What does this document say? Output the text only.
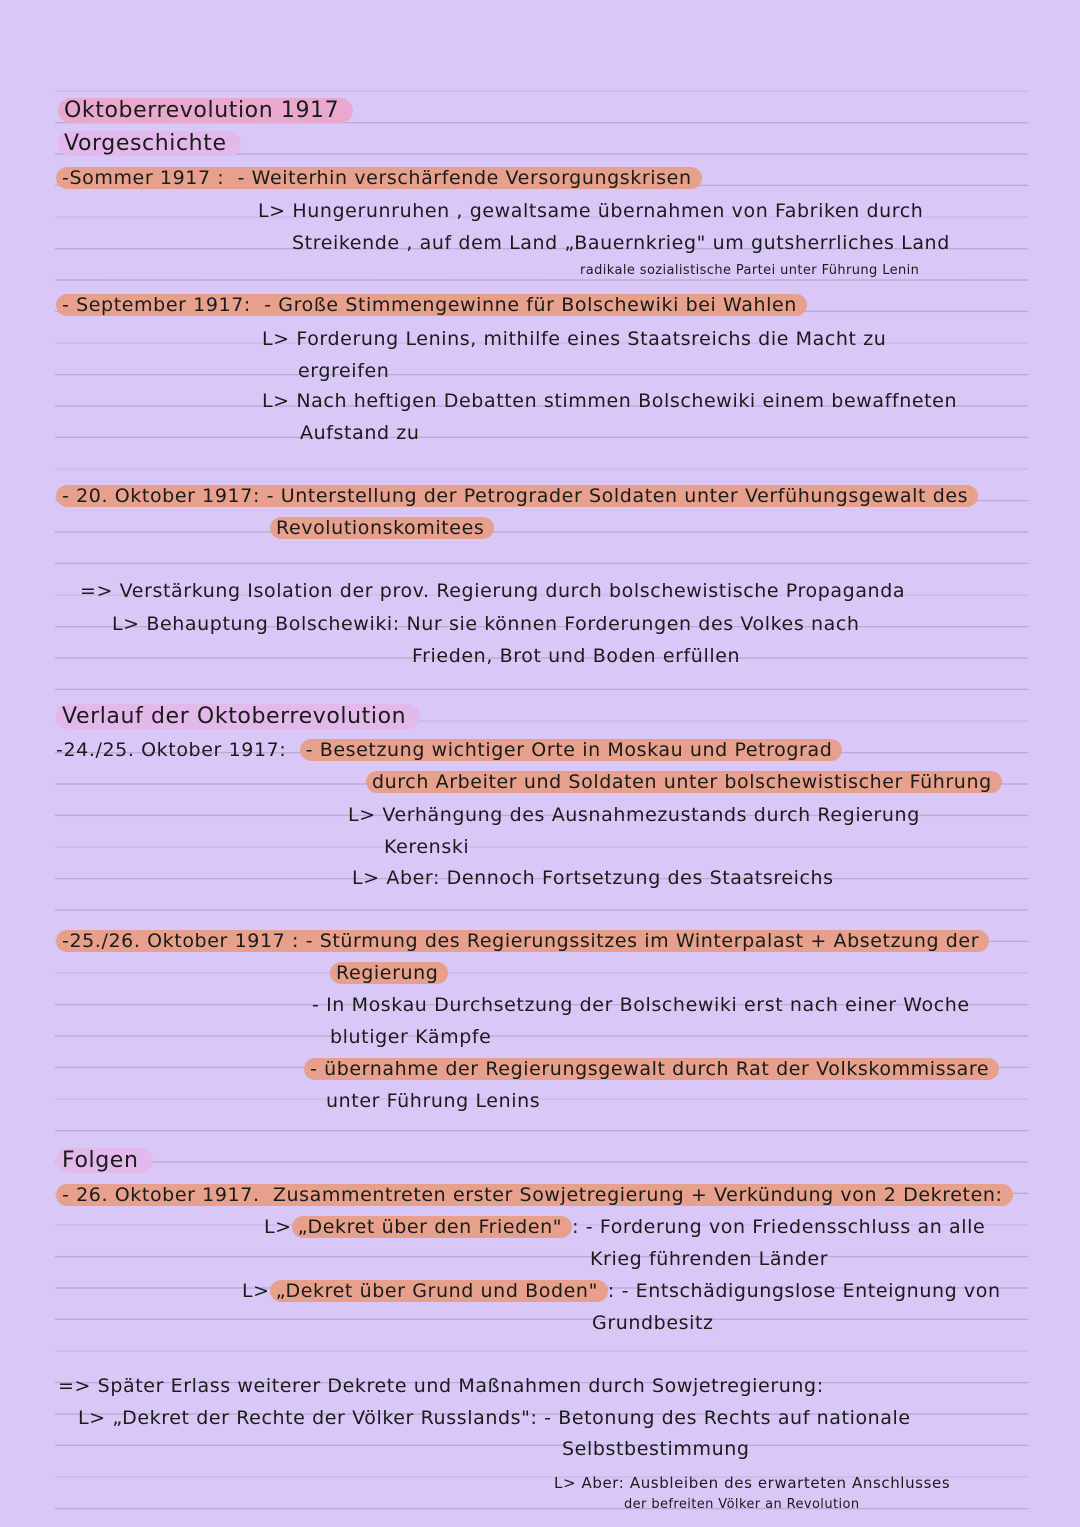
Oktoberrevolution 1917
Vorgeschichte
-Sommer 1917 : - Weiterhin verschärfende Versorgungskrisen
L> Hungerunruhen , gewaltsame übernahmen von Fabriken durch
Streikende , auf dem Land „Bauernkrieg" um gutsherrliches Land
radikale sozialistische Partei unter Führung Lenin
- September 1917: - Große Stimmengewinne für Bolschewiki bei Wahlen
L> Forderung Lenins, mithilfe eines Staatsreichs die Macht zu
ergreifen
L> Nach heftigen Debatten stimmen Bolschewiki einem bewaffneten
Aufstand zu
- 20. Oktober 1917: - Unterstellung der Petrograder Soldaten unter Verfühungsgewalt des
Revolutionskomitees
=> Verstärkung Isolation der prov. Regierung durch bolschewistische Propaganda
L> Behauptung Bolschewiki: Nur sie können Forderungen des Volkes nach
Frieden, Brot und Boden erfüllen
Verlauf der Oktoberrevolution
-24./25. Oktober 1917: - Besetzung wichtiger Orte in Moskau und Petrograd
durch Arbeiter und Soldaten unter bolschewistischer Führung
L> Verhängung des Ausnahmezustands durch Regierung
Kerenski
L> Aber: Dennoch Fortsetzung des Staatsreichs
-25./26. Oktober 1917 : - Stürmung des Regierungssitzes im Winterpalast + Absetzung der
Regierung
- In Moskau Durchsetzung der Bolschewiki erst nach einer Woche
blutiger Kämpfe
- übernahme der Regierungsgewalt durch Rat der Volkskommissare
unter Führung Lenins
Folgen
- 26. Oktober 1917. Zusammentreten erster Sowjetregierung + Verkündung von 2 Dekreten:
L> „Dekret über den Frieden" : - Forderung von Friedensschluss an alle
Krieg führenden Länder
L> „Dekret über Grund und Boden" : - Entschädigungslose Enteignung von
Grundbesitz
=> Später Erlass weiterer Dekrete und Maßnahmen durch Sowjetregierung:
L> „Dekret der Rechte der Völker Russlands": - Betonung des Rechts auf nationale
Selbstbestimmung
L> Aber: Ausbleiben des erwarteten Anschlusses
der befreiten Völker an Revolution
